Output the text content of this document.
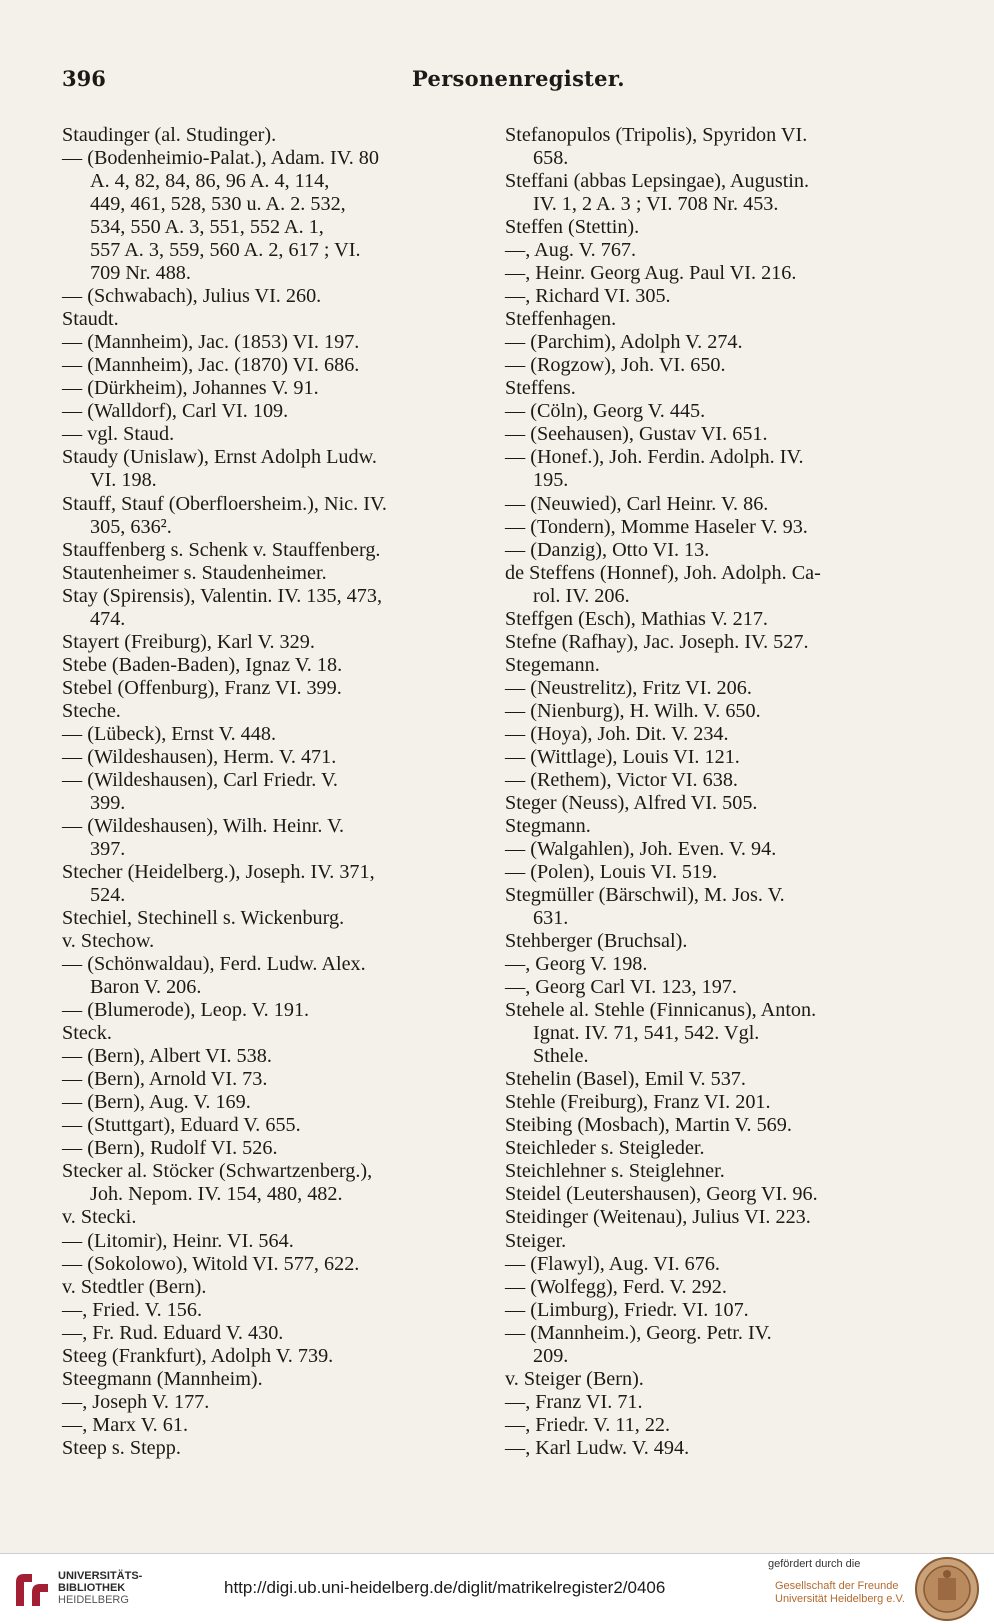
396	Personenregister.
Staudinger (al. Studinger).
— (Bodenheimio-Palat.), Adam. IV. 80
A. 4, 82, 84, 86, 96 A. 4, 114,
449, 461, 528, 530 u. A. 2. 532,
534, 550 A. 3, 551, 552 A. 1,
557 A. 3, 559, 560 A. 2, 617 ; VI.
709 Nr. 488.
— (Schwabach), Julius VI. 260.
Staudt.
— (Mannheim), Jac. (1853) VI. 197.
— (Mannheim), Jac. (1870) VI. 686.
— (Dürkheim), Johannes V. 91.
— (Walldorf), Carl VI. 109.
— vgl. Staud.
Staudy (Unislaw), Ernst Adolph Ludw.
VI. 198.
Stauff, Stauf (Oberfloersheim.), Nic. IV.
305, 636².
Stauffenberg s. Schenk v. Stauffenberg.
Stautenheimer s. Staudenheimer.
Stay (Spirensis), Valentin. IV. 135, 473,
474.
Stayert (Freiburg), Karl V. 329.
Stebe (Baden-Baden), Ignaz V. 18.
Stebel (Offenburg), Franz VI. 399.
Steche.
— (Lübeck), Ernst V. 448.
— (Wildeshausen), Herm. V. 471.
— (Wildeshausen), Carl Friedr. V.
399.
— (Wildeshausen), Wilh. Heinr. V.
397.
Stecher (Heidelberg.), Joseph. IV. 371,
524.
Stechiel, Stechinell s. Wickenburg.
v. Stechow.
— (Schönwaldau), Ferd. Ludw. Alex.
Baron V. 206.
— (Blumerode), Leop. V. 191.
Steck.
— (Bern), Albert VI. 538.
— (Bern), Arnold VI. 73.
— (Bern), Aug. V. 169.
— (Stuttgart), Eduard V. 655.
— (Bern), Rudolf VI. 526.
Stecker al. Stöcker (Schwartzenberg.),
Joh. Nepom. IV. 154, 480, 482.
v. Stecki.
— (Litomir), Heinr. VI. 564.
— (Sokolowo), Witold VI. 577, 622.
v. Stedtler (Bern).
—, Fried. V. 156.
—, Fr. Rud. Eduard V. 430.
Steeg (Frankfurt), Adolph V. 739.
Steegmann (Mannheim).
—, Joseph V. 177.
—, Marx V. 61.
Steep s. Stepp.
Stefanopulos (Tripolis), Spyridon VI.
658.
Steffani (abbas Lepsingae), Augustin.
IV. 1, 2 A. 3 ; VI. 708 Nr. 453.
Steffen (Stettin).
—, Aug. V. 767.
—, Heinr. Georg Aug. Paul VI. 216.
—, Richard VI. 305.
Steffenhagen.
— (Parchim), Adolph V. 274.
— (Rogzow), Joh. VI. 650.
Steffens.
— (Cöln), Georg V. 445.
— (Seehausen), Gustav VI. 651.
— (Honef.), Joh. Ferdin. Adolph. IV.
195.
— (Neuwied), Carl Heinr. V. 86.
— (Tondern), Momme Haseler V. 93.
— (Danzig), Otto VI. 13.
de Steffens (Honnef), Joh. Adolph. Ca-
rol. IV. 206.
Steffgen (Esch), Mathias V. 217.
Stefne (Rafhay), Jac. Joseph. IV. 527.
Stegemann.
— (Neustrelitz), Fritz VI. 206.
— (Nienburg), H. Wilh. V. 650.
— (Hoya), Joh. Dit. V. 234.
— (Wittlage), Louis VI. 121.
— (Rethem), Victor VI. 638.
Steger (Neuss), Alfred VI. 505.
Stegmann.
— (Walgahlen), Joh. Even. V. 94.
— (Polen), Louis VI. 519.
Stegmüller (Bärschwil), M. Jos. V.
631.
Stehberger (Bruchsal).
—, Georg V. 198.
—, Georg Carl VI. 123, 197.
Stehele al. Stehle (Finnicanus), Anton.
Ignat. IV. 71, 541, 542. Vgl.
Sthele.
Stehelin (Basel), Emil V. 537.
Stehle (Freiburg), Franz VI. 201.
Steibing (Mosbach), Martin V. 569.
Steichleder s. Steigleder.
Steichlehner s. Steiglehner.
Steidel (Leutershausen), Georg VI. 96.
Steidinger (Weitenau), Julius VI. 223.
Steiger.
— (Flawyl), Aug. VI. 676.
— (Wolfegg), Ferd. V. 292.
— (Limburg), Friedr. VI. 107.
— (Mannheim.), Georg. Petr. IV.
209.
v. Steiger (Bern).
—, Franz VI. 71.
—, Friedr. V. 11, 22.
—, Karl Ludw. V. 494.
UNIVERSITÄTS-
BIBLIOTHEK
HEIDELBERG
http://digi.ub.uni-heidelberg.de/diglit/matrikelregister2/0406
gefördert durch die
Gesellschaft der Freunde
Universität Heidelberg e.V.
